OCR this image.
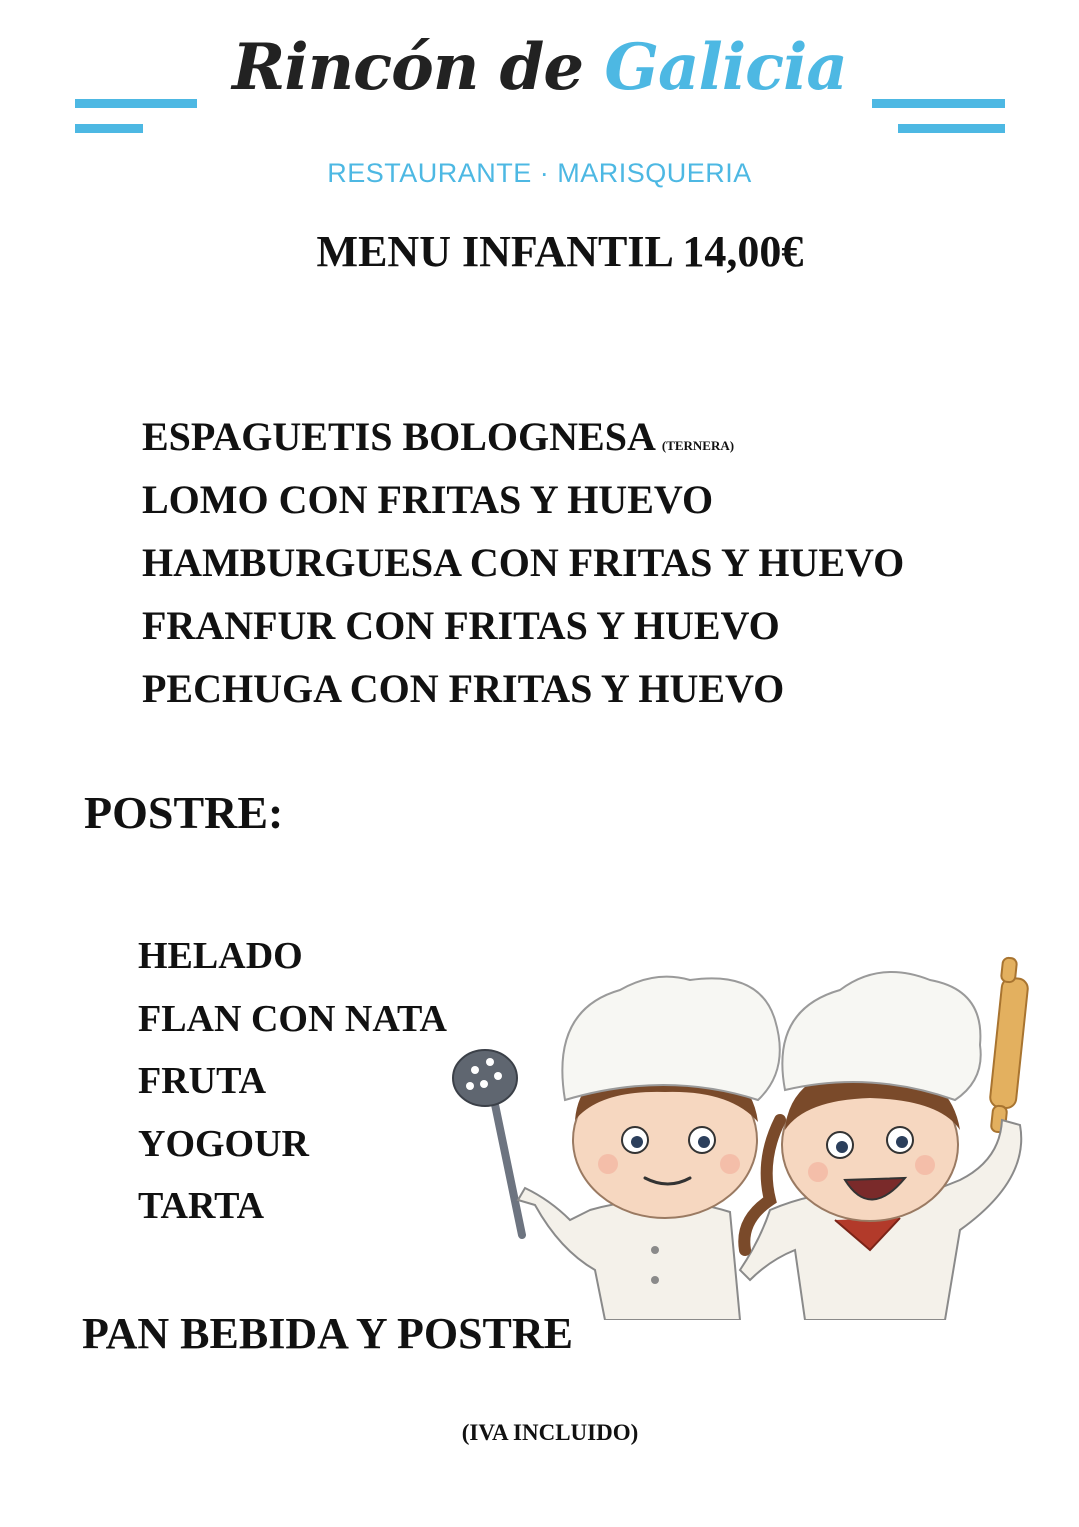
Rincón de Galicia
RESTAURANTE · MARISQUERIA
MENU INFANTIL 14,00€
ESPAGUETIS BOLOGNESA (TERNERA)
LOMO CON FRITAS Y HUEVO
HAMBURGUESA CON FRITAS Y HUEVO
FRANFUR CON FRITAS Y HUEVO
PECHUGA CON FRITAS Y HUEVO
POSTRE:
HELADO
FLAN CON NATA
FRUTA
YOGOUR
TARTA
PAN BEBIDA Y POSTRE
(IVA INCLUIDO)
